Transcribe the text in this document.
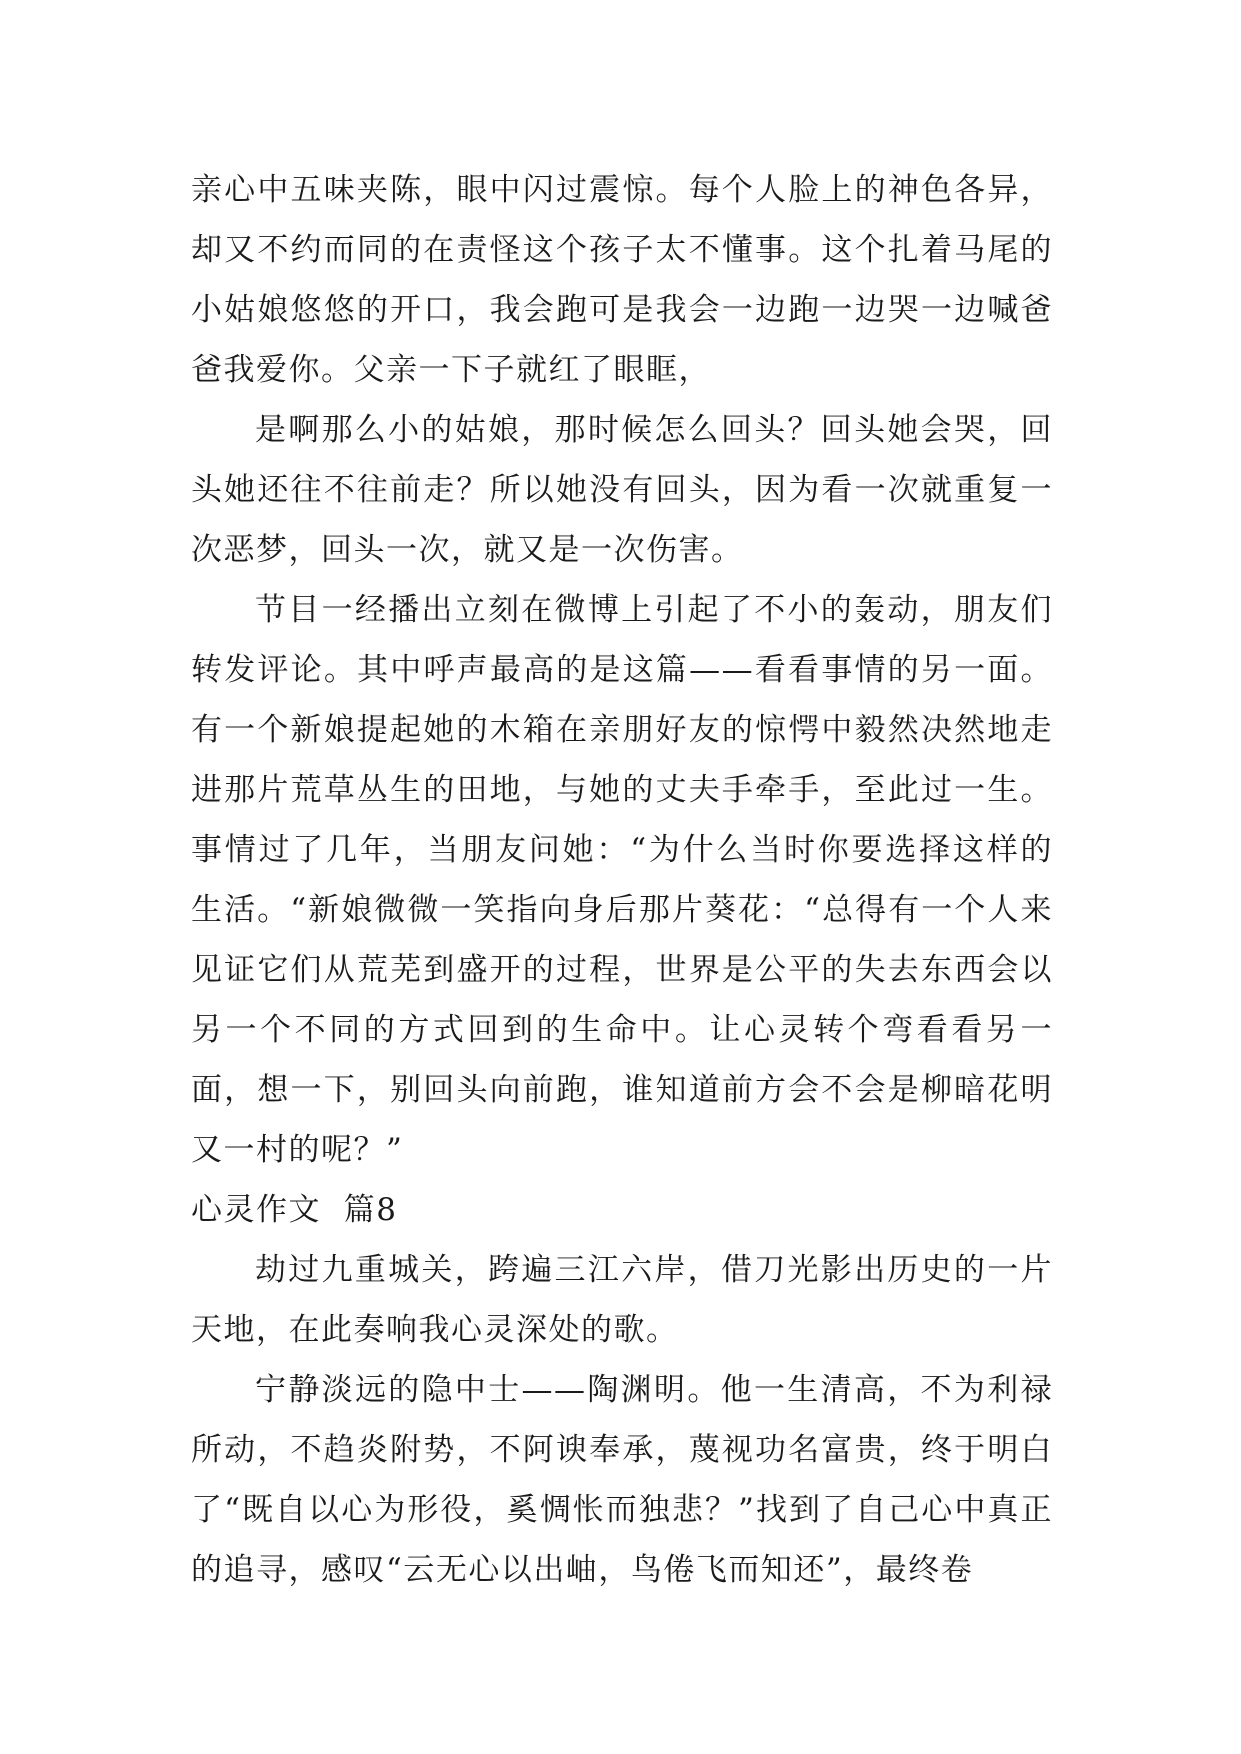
亲心中五味夹陈，眼中闪过震惊。每个人脸上的神色各异，却又不约而同的在责怪这个孩子太不懂事。这个扎着马尾的小姑娘悠悠的开口，我会跑可是我会一边跑一边哭一边喊爸爸我爱你。父亲一下子就红了眼眶，

是啊那么小的姑娘，那时候怎么回头？回头她会哭，回头她还往不往前走？所以她没有回头，因为看一次就重复一次恶梦，回头一次，就又是一次伤害。

节目一经播出立刻在微博上引起了不小的轰动，朋友们转发评论。其中呼声最高的是这篇——看看事情的另一面。有一个新娘提起她的木箱在亲朋好友的惊愕中毅然决然地走进那片荒草丛生的田地，与她的丈夫手牵手，至此过一生。事情过了几年，当朋友问她：“为什么当时你要选择这样的生活。“新娘微微一笑指向身后那片葵花：“总得有一个人来见证它们从荒芜到盛开的过程，世界是公平的失去东西会以另一个不同的方式回到的生命中。让心灵转个弯看看另一面，想一下，别回头向前跑，谁知道前方会不会是柳暗花明又一村的呢？”

心灵作文  篇8

劫过九重城关，跨遍三江六岸，借刀光影出历史的一片天地，在此奏响我心灵深处的歌。

宁静淡远的隐中士——陶渊明。他一生清高，不为利禄所动，不趋炎附势，不阿谀奉承，蔑视功名富贵，终于明白了“既自以心为形役，奚惆怅而独悲？”找到了自己心中真正的追寻，感叹“云无心以出岫，鸟倦飞而知还”，最终卷
